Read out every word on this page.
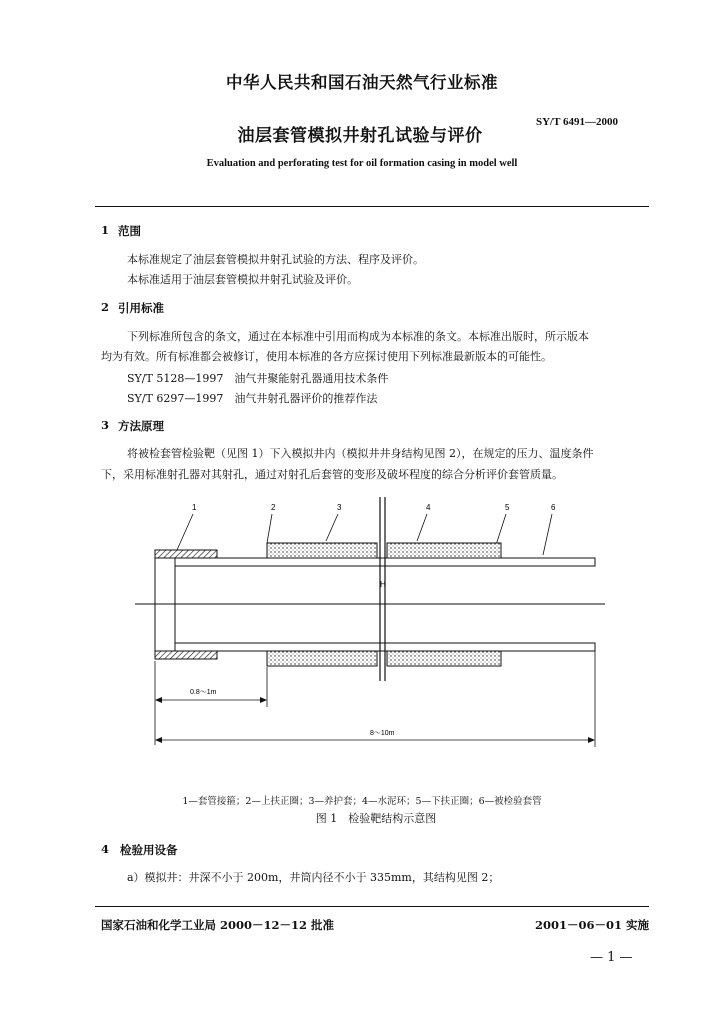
中华人民共和国石油天然气行业标准
SY/T 6491—2000
油层套管模拟井射孔试验与评价
Evaluation and perforating test for oil formation casing in model well
1 范围
本标准规定了油层套管模拟井射孔试验的方法、程序及评价。
本标准适用于油层套管模拟井射孔试验及评价。
2 引用标准
下列标准所包含的条文，通过在本标准中引用而构成为本标准的条文。本标准出版时，所示版本
均为有效。所有标准都会被修订，使用本标准的各方应探讨使用下列标准最新版本的可能性。
SY/T 5128—1997　油气井聚能射孔器通用技术条件
SY/T 6297—1997　油气井射孔器评价的推荐作法
3 方法原理
将被检套管检验靶（见图 1）下入模拟井内（模拟井井身结构见图 2），在规定的压力、温度条件
下，采用标准射孔器对其射孔，通过对射孔后套管的变形及破坏程度的综合分析评价套管质量。
1	2	3	4	5	6
H
0.8～1m
8～10m
1—套管接箍；2—上扶正圈；3—养护套；4—水泥环；5—下扶正圈；6—被检验套管
图 1　检验靶结构示意图
4 检验用设备
a）模拟井：井深不小于 200m，井筒内径不小于 335mm，其结构见图 2；
国家石油和化学工业局 2000－12－12 批准	2001－06－01 实施
— 1 —
